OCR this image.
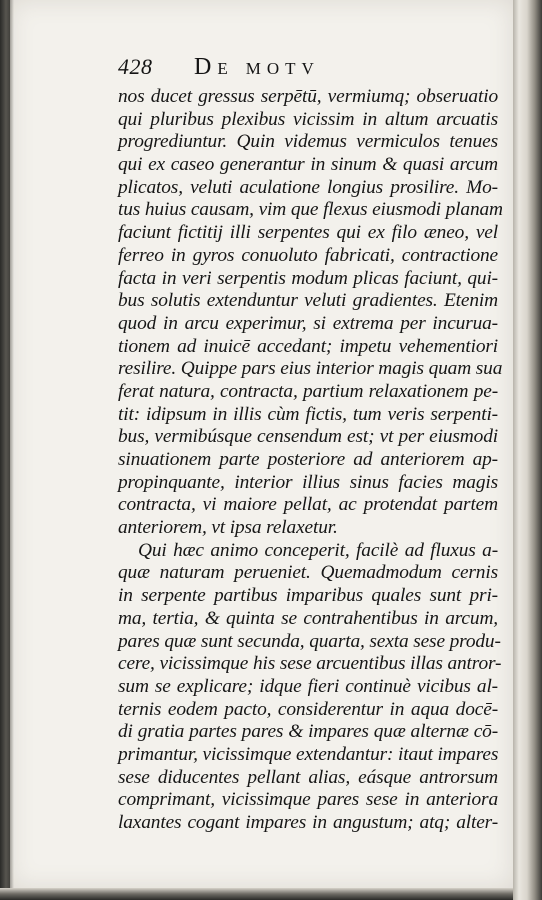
428 De motv
nos ducet gressus serpētū, vermiumq; obseruatio
qui pluribus plexibus vicissim in altum arcuatis
progrediuntur. Quin videmus vermiculos tenues
qui ex caseo generantur in sinum & quasi arcum
plicatos, veluti aculatione longius prosilire. Mo-
tus huius causam, vim que flexus eiusmodi planam
faciunt fictitij illi serpentes qui ex filo æneo, vel
ferreo in gyros conuoluto fabricati, contractione
facta in veri serpentis modum plicas faciunt, qui-
bus solutis extenduntur veluti gradientes. Etenim
quod in arcu experimur, si extrema per incurua-
tionem ad inuicē accedant; impetu vehementiori
resilire. Quippe pars eius interior magis quam sua
ferat natura, contracta, partium relaxationem pe-
tit: idipsum in illis cùm fictis, tum veris serpenti-
bus, vermibúsque censendum est; vt per eiusmodi
sinuationem parte posteriore ad anteriorem ap-
propinquante, interior illius sinus facies magis
contracta, vi maiore pellat, ac protendat partem
anteriorem, vt ipsa relaxetur.
Qui hæc animo conceperit, facilè ad fluxus a-
quæ naturam perueniet. Quemadmodum cernis
in serpente partibus imparibus quales sunt pri-
ma, tertia, & quinta se contrahentibus in arcum,
pares quæ sunt secunda, quarta, sexta sese produ-
cere, vicissimque his sese arcuentibus illas antror-
sum se explicare; idque fieri continuè vicibus al-
ternis eodem pacto, considerentur in aqua docē-
di gratia partes pares & impares quæ alternæ cō-
primantur, vicissimque extendantur: itaut impares
sese diducentes pellant alias, eásque antrorsum
comprimant, vicissimque pares sese in anteriora
laxantes cogant impares in angustum; atq; alter-
